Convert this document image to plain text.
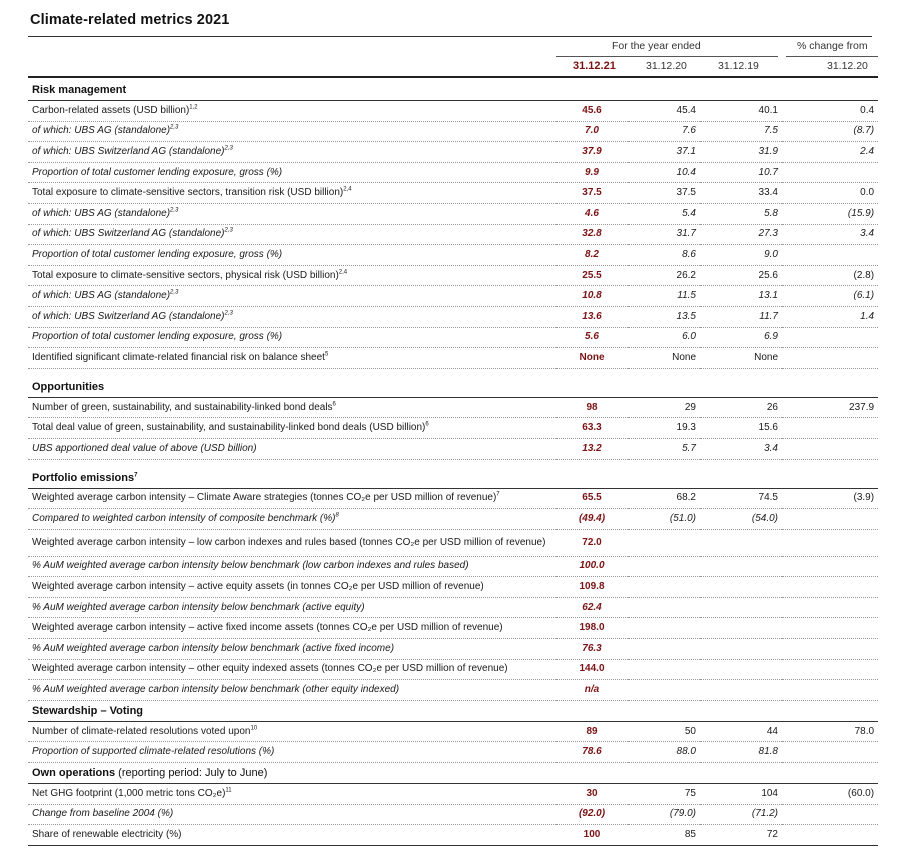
Climate-related metrics 2021
For the year ended	% change from
31.12.21	31.12.20	31.12.19	31.12.20
Risk management				
Carbon-related assets (USD billion)$^{1,2}$	45.6	45.4	40.1	0.4
of which: UBS AG (standalone)$^{2,3}$	7.0	7.6	7.5	(8.7)
of which: UBS Switzerland AG (standalone)$^{2,3}$	37.9	37.1	31.9	2.4
Proportion of total customer lending exposure, gross (%)	9.9	10.4	10.7	
Total exposure to climate-sensitive sectors, transition risk (USD billion)$^{2,4}$	37.5	37.5	33.4	0.0
of which: UBS AG (standalone)$^{2,3}$	4.6	5.4	5.8	(15.9)
of which: UBS Switzerland AG (standalone)$^{2,3}$	32.8	31.7	27.3	3.4
Proportion of total customer lending exposure, gross (%)	8.2	8.6	9.0	
Total exposure to climate-sensitive sectors, physical risk (USD billion)$^{2,4}$	25.5	26.2	25.6	(2.8)
of which: UBS AG (standalone)$^{2,3}$	10.8	11.5	13.1	(6.1)
of which: UBS Switzerland AG (standalone)$^{2,3}$	13.6	13.5	11.7	1.4
Proportion of total customer lending exposure, gross (%)	5.6	6.0	6.9	
Identified significant climate-related financial risk on balance sheet$^5$	None	None	None	

Opportunities				
Number of green, sustainability, and sustainability-linked bond deals$^6$	98	29	26	237.9
Total deal value of green, sustainability, and sustainability-linked bond deals (USD billion)$^6$	63.3	19.3	15.6	
UBS apportioned deal value of above (USD billion)	13.2	5.7	3.4	

Portfolio emissions$^7$
Weighted average carbon intensity – Climate Aware strategies (tonnes CO₂e per USD million of revenue)$^7$	65.5	68.2	74.5	(3.9)
Compared to weighted carbon intensity of composite benchmark (%)$^8$	(49.4)	(51.0)	(54.0)	
Weighted average carbon intensity – low carbon indexes and rules based (tonnes CO₂e per USD million of revenue)	72.0			
% AuM weighted average carbon intensity below benchmark (low carbon indexes and rules based)	100.0			
Weighted average carbon intensity – active equity assets (in tonnes CO₂e per USD million of revenue)	109.8			
% AuM weighted average carbon intensity below benchmark (active equity)	62.4			
Weighted average carbon intensity – active fixed income assets (tonnes CO₂e per USD million of revenue)	198.0			
% AuM weighted average carbon intensity below benchmark (active fixed income)	76.3			
Weighted average carbon intensity – other equity indexed assets (tonnes CO₂e per USD million of revenue)	144.0			
% AuM weighted average carbon intensity below benchmark (other equity indexed)	n/a			
Stewardship – Voting				
Number of climate-related resolutions voted upon$^{10}$	89	50	44	78.0
Proportion of supported climate-related resolutions (%)	78.6	88.0	81.8	
Own operations (reporting period: July to June)				
Net GHG footprint (1,000 metric tons CO₂e)$^{11}$	30	75	104	(60.0)
Change from baseline 2004 (%)	(92.0)	(79.0)	(71.2)	
Share of renewable electricity (%)	100	85	72	
